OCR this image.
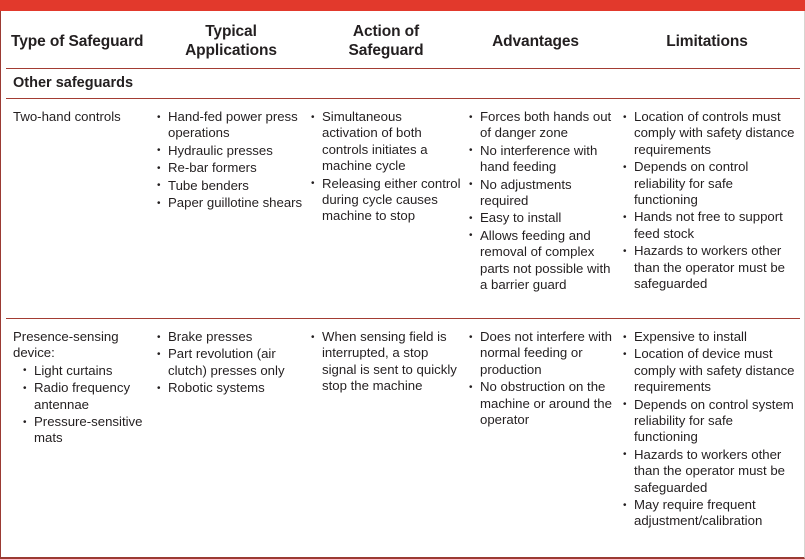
Type of Safeguard
Typical
Applications
Action of
Safeguard
Advantages	Limitations
Other safeguards

Two-hand controls	• Hand-fed power press operations
• Hydraulic presses
• Re-bar formers
• Tube benders
• Paper guillotine shears
• Simultaneous activation of both controls initiates a machine cycle
• Releasing either control during cycle causes machine to stop
• Forces both hands out of danger zone
• No interference with hand feeding
• No adjustments required
• Easy to install
• Allows feeding and removal of complex parts not possible with a barrier guard
• Location of controls must comply with safety distance requirements
• Depends on control reliability for safe functioning
• Hands not free to support feed stock
• Hazards to workers other than the operator must be safeguarded

Presence-sensing device:

• Light curtains
• Radio frequency antennae
• Pressure-sensitive mats
• Brake presses
• Part revolution (air clutch) presses only
• Robotic systems
• When sensing field is interrupted, a stop signal is sent to quickly stop the machine
• Does not interfere with normal feeding or production
• No obstruction on the machine or around the operator
• Expensive to install
• Location of device must comply with safety distance requirements
• Depends on control system reliability for safe functioning
• Hazards to workers other than the operator must be safeguarded
• May require frequent adjustment/calibration
